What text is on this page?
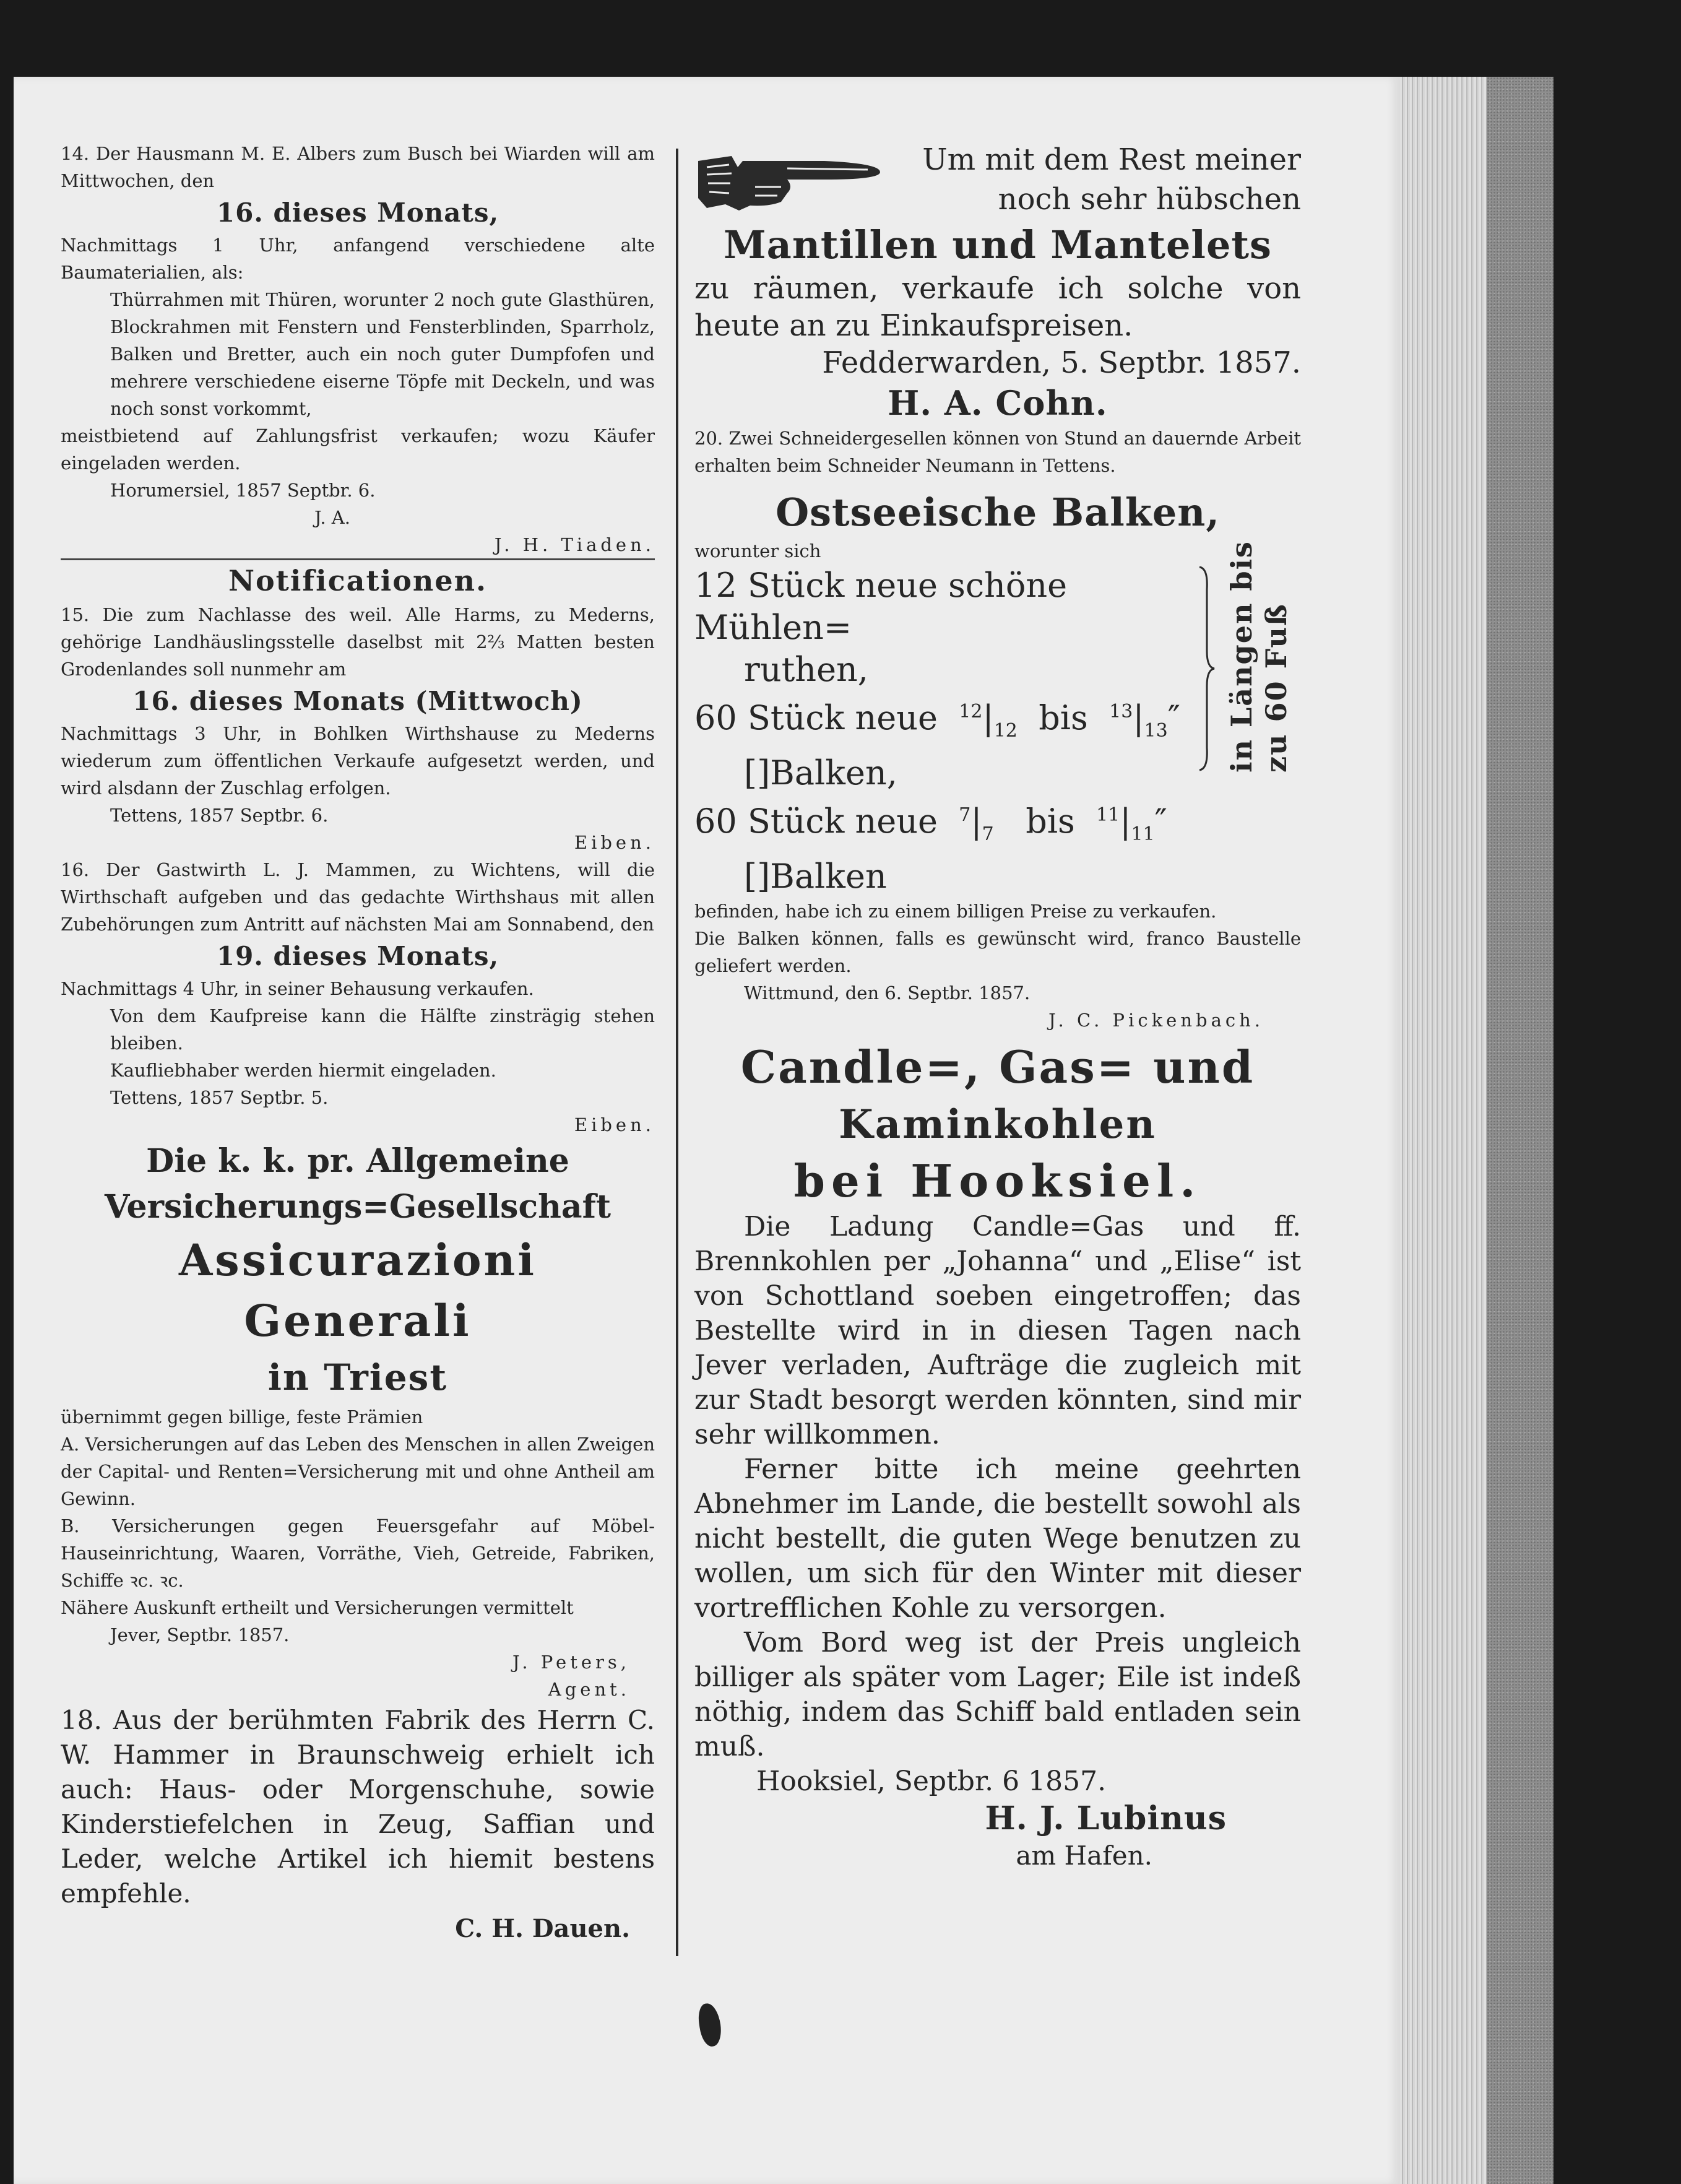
14. Der Hausmann M. E. Albers zum Busch bei Wiarden will am Mittwochen, den
16. dieses Monats,
Nachmittags 1 Uhr, anfangend verschiedene alte Baumaterialien, als:
Thürrahmen mit Thüren, worunter 2 noch gute Glasthüren, Blockrahmen mit Fenstern und Fensterblinden, Sparrholz, Balken und Bretter, auch ein noch guter Dumpfofen und mehrere verschiedene eiserne Töpfe mit Deckeln, und was noch sonst vorkommt,
meistbietend auf Zahlungsfrist verkaufen; wozu Käufer eingeladen werden.
Horumersiel, 1857 Septbr. 6.
J. A.
J. H. Tiaden.
Notificationen.
15. Die zum Nachlasse des weil. Alle Harms, zu Mederns, gehörige Landhäuslingsstelle daselbst mit 2⅔ Matten besten Grodenlandes soll nunmehr am
16. dieses Monats (Mittwoch)
Nachmittags 3 Uhr, in Bohlken Wirthshause zu Mederns wiederum zum öffentlichen Verkaufe aufgesetzt werden, und wird alsdann der Zuschlag erfolgen.
Tettens, 1857 Septbr. 6.
Eiben.
16. Der Gastwirth L. J. Mammen, zu Wichtens, will die Wirthschaft aufgeben und das gedachte Wirthshaus mit allen Zubehörungen zum Antritt auf nächsten Mai am Sonnabend, den
19. dieses Monats,
Nachmittags 4 Uhr, in seiner Behausung verkaufen.
Von dem Kaufpreise kann die Hälfte zinsträgig stehen bleiben.
Kaufliebhaber werden hiermit eingeladen.
Tettens, 1857 Septbr. 5.
Eiben.
Die k. k. pr. Allgemeine
Versicherungs=Gesellschaft
Assicurazioni Generali
in Triest
übernimmt gegen billige, feste Prämien
A. Versicherungen auf das Leben des Menschen in allen Zweigen der Capital- und Renten=Versicherung mit und ohne Antheil am Gewinn.
B. Versicherungen gegen Feuersgefahr auf Möbel-Hauseinrichtung, Waaren, Vorräthe, Vieh, Getreide, Fabriken, Schiffe ꝛc. ꝛc.
Nähere Auskunft ertheilt und Versicherungen vermittelt
Jever, Septbr. 1857.
J. Peters,
Agent.
18. Aus der berühmten Fabrik des Herrn C. W. Hammer in Braunschweig erhielt ich auch: Haus- oder Morgenschuhe, sowie Kinderstiefelchen in Zeug, Saffian und Leder, welche Artikel ich hiemit bestens empfehle.
C. H. Dauen.
Um mit dem Rest meiner noch sehr hübschen
Mantillen und Mantelets
zu räumen, verkaufe ich solche von heute an zu Einkaufspreisen.
Fedderwarden, 5. Septbr. 1857.
H. A. Cohn.
20. Zwei Schneidergesellen können von Stund an dauernde Arbeit erhalten beim Schneider Neumann in Tettens.
Ostseeische Balken,
worunter sich
12 Stück neue schöne Mühlen=
ruthen,
60 Stück neue $^{12}|_{12}$ bis $^{13}|_{13}''$
[]Balken,
60 Stück neue $^7|_7$ bis $^{11}|_{11}''$
[]Balken
in Längen bis zu 60 Fuß
befinden, habe ich zu einem billigen Preise zu verkaufen.
Die Balken können, falls es gewünscht wird, franco Baustelle geliefert werden.
Wittmund, den 6. Septbr. 1857.
J. C. Pickenbach.
Candle=, Gas= und
Kaminkohlen
bei Hooksiel.
Die Ladung Candle=Gas und ff. Brennkohlen per „Johanna“ und „Elise“ ist von Schottland soeben eingetroffen; das Bestellte wird in in diesen Tagen nach Jever verladen, Aufträge die zugleich mit zur Stadt besorgt werden könnten, sind mir sehr willkommen.
Ferner bitte ich meine geehrten Abnehmer im Lande, die bestellt sowohl als nicht bestellt, die guten Wege benutzen zu wollen, um sich für den Winter mit dieser vortrefflichen Kohle zu versorgen.
Vom Bord weg ist der Preis ungleich billiger als später vom Lager; Eile ist indeß nöthig, indem das Schiff bald entladen sein muß.
Hooksiel, Septbr. 6 1857.
H. J. Lubinus
am Hafen.
